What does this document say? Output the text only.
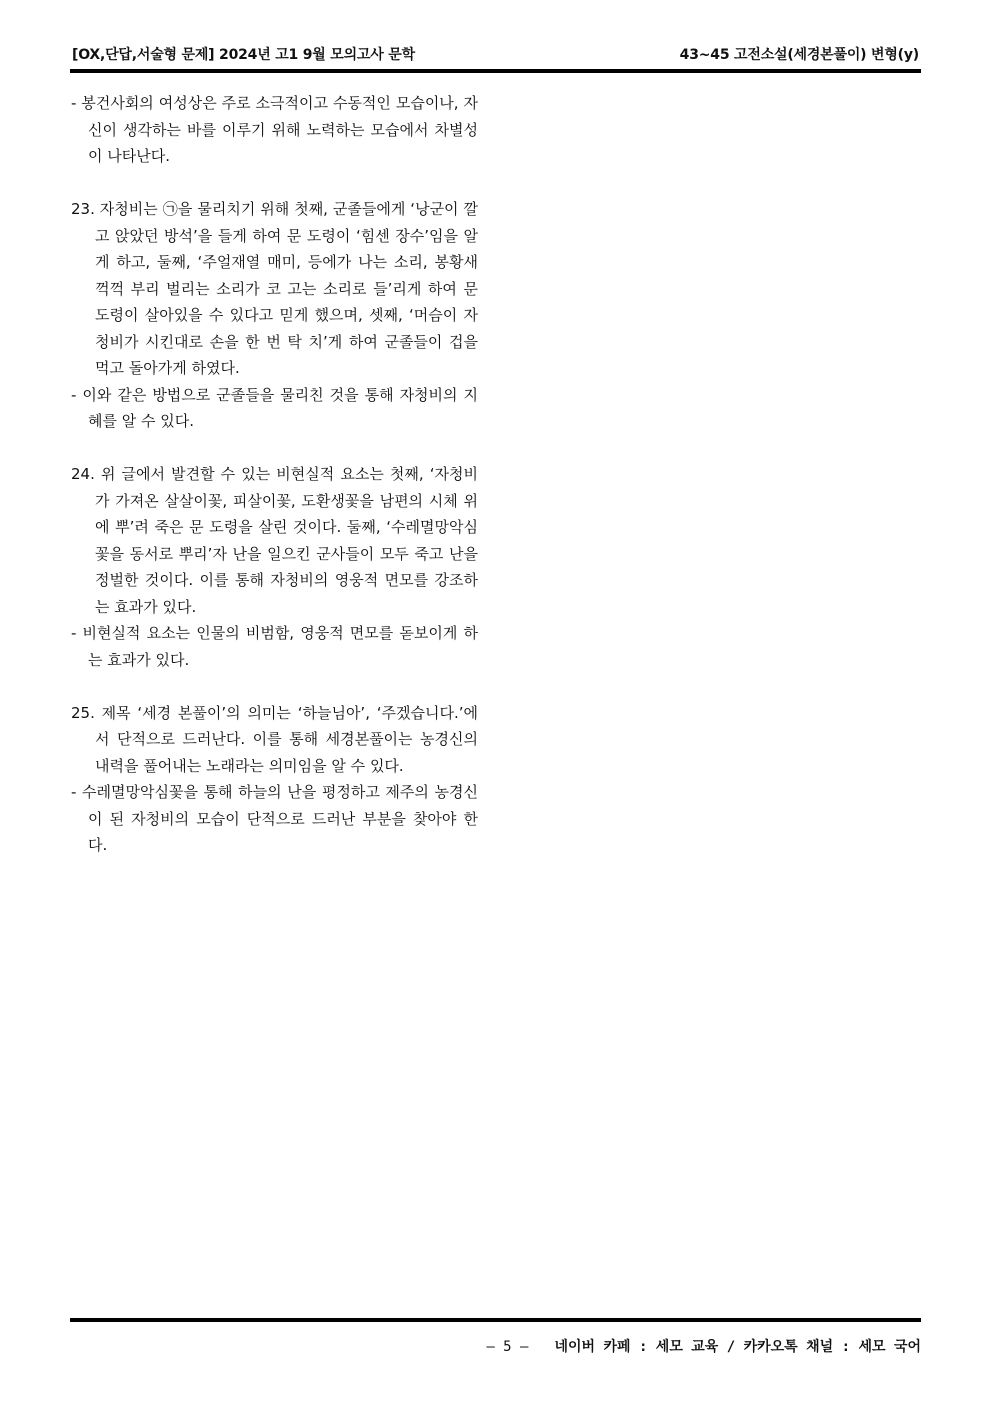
[OX,단답,서술형 문제] 2024년 고1 9월 모의고사 문학	43~45 고전소설(세경본풀이) 변형(y)
- 봉건사회의 여성상은 주로 소극적이고 수동적인 모습이나, 자신이 생각하는 바를 이루기 위해 노력하는 모습에서 차별성이 나타난다.
23. 자청비는 ㉠을 물리치기 위해 첫째, 군졸들에게 ‘낭군이 깔고 앉았던 방석’을 들게 하여 문 도령이 ‘힘센 장수’임을 알게 하고, 둘째, ‘주얼재열 매미, 등에가 나는 소리, 봉황새 꺽꺽 부리 벌리는 소리가 코 고는 소리로 들’리게 하여 문 도령이 살아있을 수 있다고 믿게 했으며, 셋째, ‘머슴이 자청비가 시킨대로 손을 한 번 탁 치’게 하여 군졸들이 겁을 먹고 돌아가게 하였다.
- 이와 같은 방법으로 군졸들을 물리친 것을 통해 자청비의 지혜를 알 수 있다.
24. 위 글에서 발견할 수 있는 비현실적 요소는 첫째, ‘자청비가 가져온 살살이꽃, 피살이꽃, 도환생꽃을 남편의 시체 위에 뿌’려 죽은 문 도령을 살린 것이다. 둘째, ‘수레멸망악심꽃을 동서로 뿌리’자 난을 일으킨 군사들이 모두 죽고 난을 정벌한 것이다. 이를 통해 자청비의 영웅적 면모를 강조하는 효과가 있다.
- 비현실적 요소는 인물의 비범함, 영웅적 면모를 돋보이게 하는 효과가 있다.
25. 제목 ‘세경 본풀이’의 의미는 ‘하늘님아’, ‘주겠습니다.’에서 단적으로 드러난다. 이를 통해 세경본풀이는 농경신의 내력을 풀어내는 노래라는 의미임을 알 수 있다.
- 수레멸망악심꽃을 통해 하늘의 난을 평정하고 제주의 농경신이 된 자청비의 모습이 단적으로 드러난 부분을 찾아야 한다.
– 5 – 네이버 카페 : 세모 교육 / 카카오톡 채널 : 세모 국어
